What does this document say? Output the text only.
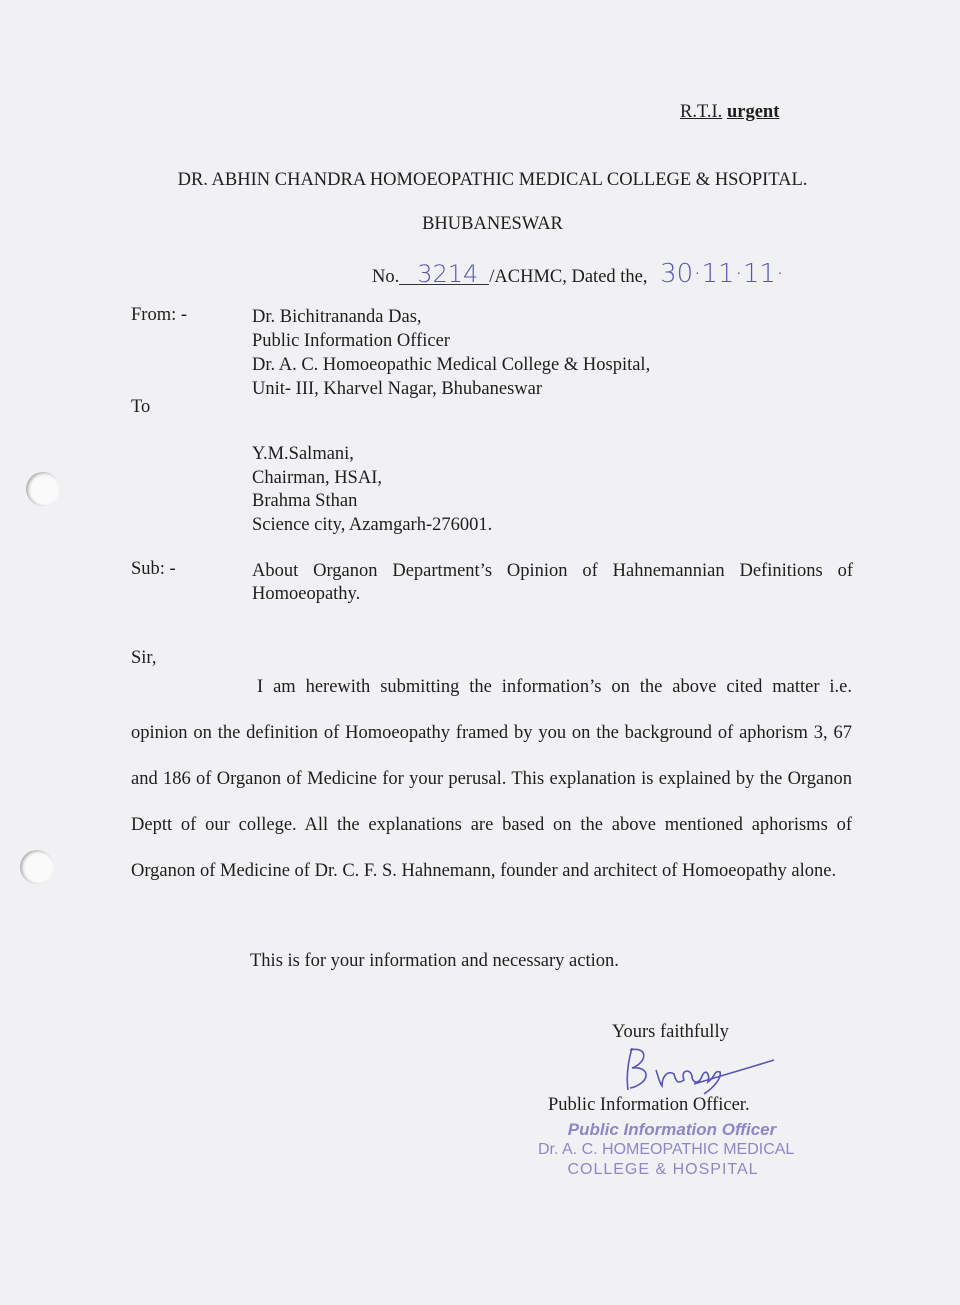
R.T.I. urgent
DR. ABHIN CHANDRA HOMOEOPATHIC MEDICAL COLLEGE & HSOPITAL.
BHUBANESWAR
No. 3214 /ACHMC, Dated the, 30·11·11·
From: -	Dr. Bichitrananda Das,
Public Information Officer
Dr. A. C. Homoeopathic Medical College & Hospital,
Unit- III, Kharvel Nagar, Bhubaneswar
To
Y.M.Salmani,
Chairman, HSAI,
Brahma Sthan
Science city, Azamgarh-276001.
Sub: -	About Organon Department’s Opinion of Hahnemannian Definitions of Homoeopathy.
Sir,
I am herewith submitting the information’s on the above cited matter i.e. opinion on the definition of Homoeopathy framed by you on the background of aphorism 3, 67 and 186 of Organon of Medicine for your perusal. This explanation is explained by the Organon Deptt of our college. All the explanations are based on the above mentioned aphorisms of Organon of Medicine of Dr. C. F. S. Hahnemann, founder and architect of Homoeopathy alone.
This is for your information and necessary action.
Yours faithfully
Public Information Officer.
Public Information Officer
Dr. A. C. HOMEOPATHIC MEDICAL
COLLEGE & HOSPITAL
